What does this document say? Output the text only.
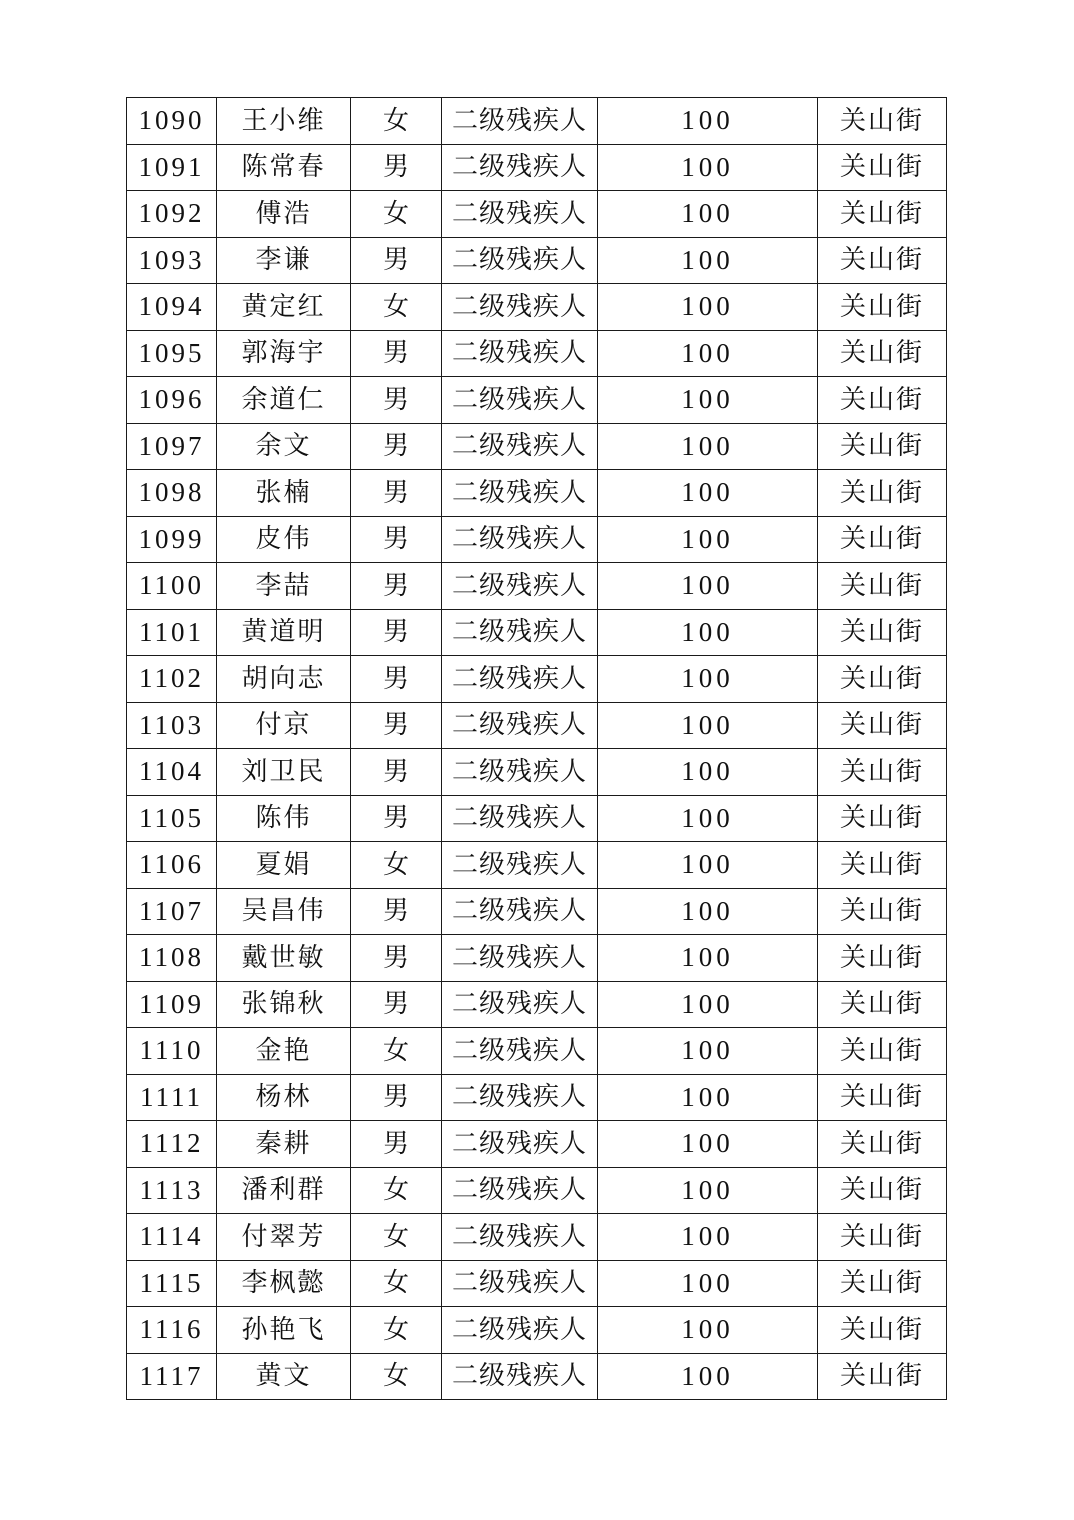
1090	王小维	女	二级残疾人	100	关山街
1091	陈常春	男	二级残疾人	100	关山街
1092	傅浩	女	二级残疾人	100	关山街
1093	李谦	男	二级残疾人	100	关山街
1094	黄定红	女	二级残疾人	100	关山街
1095	郭海宇	男	二级残疾人	100	关山街
1096	余道仁	男	二级残疾人	100	关山街
1097	余文	男	二级残疾人	100	关山街
1098	张楠	男	二级残疾人	100	关山街
1099	皮伟	男	二级残疾人	100	关山街
1100	李喆	男	二级残疾人	100	关山街
1101	黄道明	男	二级残疾人	100	关山街
1102	胡向志	男	二级残疾人	100	关山街
1103	付京	男	二级残疾人	100	关山街
1104	刘卫民	男	二级残疾人	100	关山街
1105	陈伟	男	二级残疾人	100	关山街
1106	夏娟	女	二级残疾人	100	关山街
1107	吴昌伟	男	二级残疾人	100	关山街
1108	戴世敏	男	二级残疾人	100	关山街
1109	张锦秋	男	二级残疾人	100	关山街
1110	金艳	女	二级残疾人	100	关山街
1111	杨林	男	二级残疾人	100	关山街
1112	秦耕	男	二级残疾人	100	关山街
1113	潘利群	女	二级残疾人	100	关山街
1114	付翠芳	女	二级残疾人	100	关山街
1115	李枫懿	女	二级残疾人	100	关山街
1116	孙艳飞	女	二级残疾人	100	关山街
1117	黄文	女	二级残疾人	100	关山街
